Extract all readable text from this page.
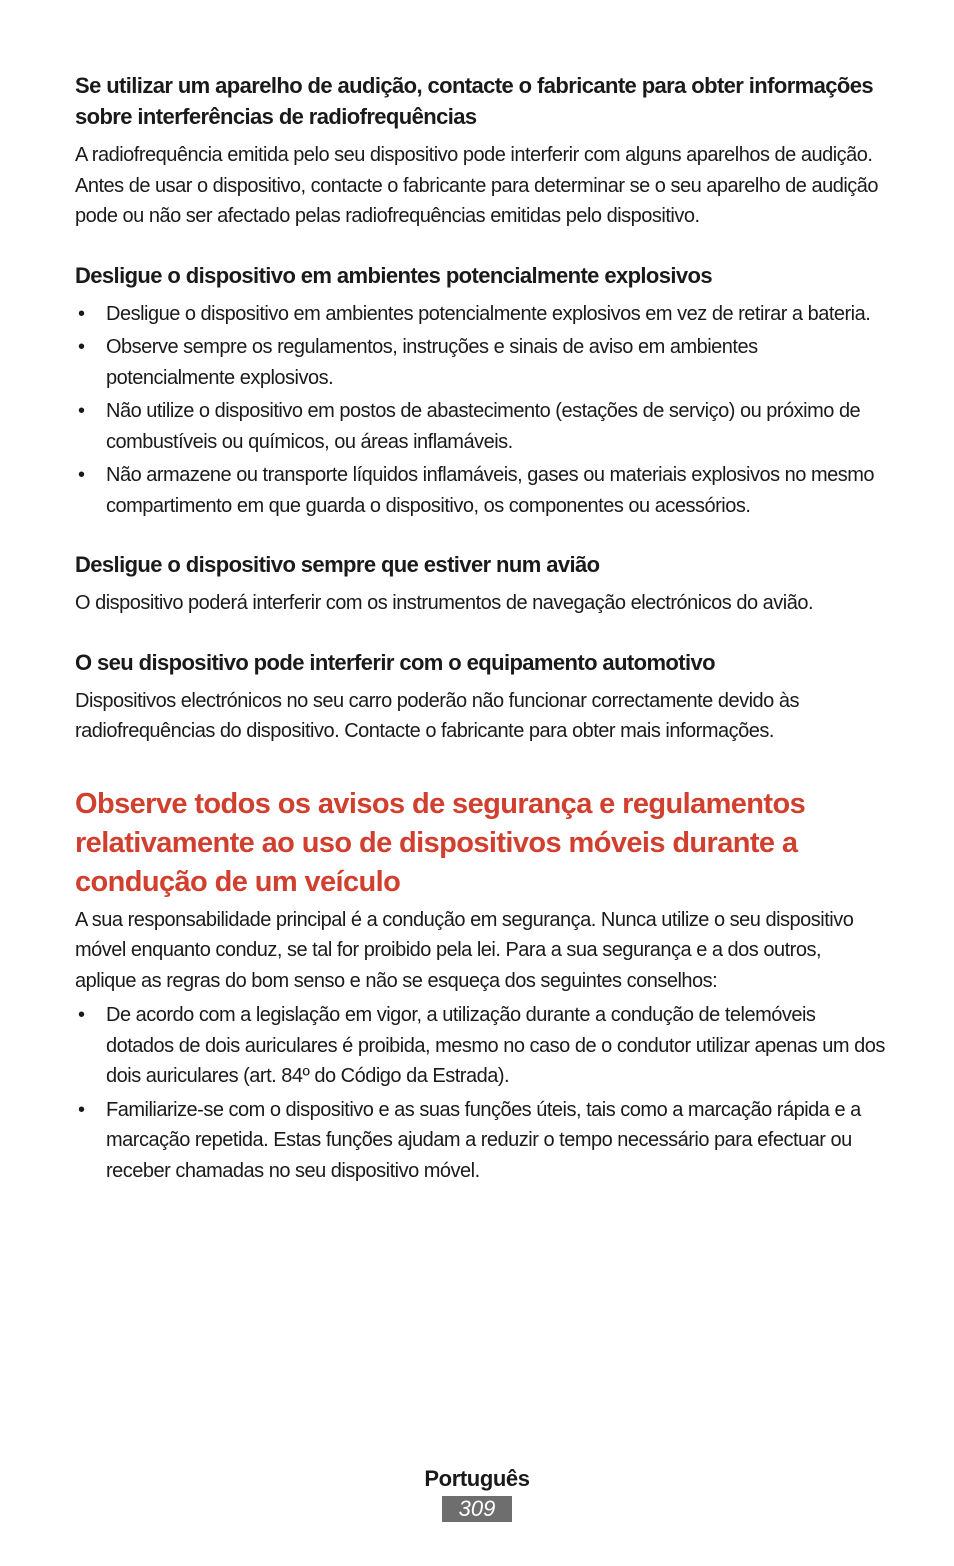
Se utilizar um aparelho de audição, contacte o fabricante para obter informações sobre interferências de radiofrequências

A radiofrequência emitida pelo seu dispositivo pode interferir com alguns aparelhos de audição. Antes de usar o dispositivo, contacte o fabricante para determinar se o seu aparelho de audição pode ou não ser afectado pelas radiofrequências emitidas pelo dispositivo.

Desligue o dispositivo em ambientes potencialmente explosivos
• Desligue o dispositivo em ambientes potencialmente explosivos em vez de retirar a bateria.
• Observe sempre os regulamentos, instruções e sinais de aviso em ambientes potencialmente explosivos.
• Não utilize o dispositivo em postos de abastecimento (estações de serviço) ou próximo de combustíveis ou químicos, ou áreas inflamáveis.
• Não armazene ou transporte líquidos inflamáveis, gases ou materiais explosivos no mesmo compartimento em que guarda o dispositivo, os componentes ou acessórios.
Desligue o dispositivo sempre que estiver num avião

O dispositivo poderá interferir com os instrumentos de navegação electrónicos do avião.

O seu dispositivo pode interferir com o equipamento automotivo

Dispositivos electrónicos no seu carro poderão não funcionar correctamente devido às radiofrequências do dispositivo. Contacte o fabricante para obter mais informações.

Observe todos os avisos de segurança e regulamentos relativamente ao uso de dispositivos móveis durante a condução de um veículo

A sua responsabilidade principal é a condução em segurança. Nunca utilize o seu dispositivo móvel enquanto conduz, se tal for proibido pela lei. Para a sua segurança e a dos outros, aplique as regras do bom senso e não se esqueça dos seguintes conselhos:

• De acordo com a legislação em vigor, a utilização durante a condução de telemóveis dotados de dois auriculares é proibida, mesmo no caso de o condutor utilizar apenas um dos dois auriculares (art. 84º do Código da Estrada).
• Familiarize-se com o dispositivo e as suas funções úteis, tais como a marcação rápida e a marcação repetida. Estas funções ajudam a reduzir o tempo necessário para efectuar ou receber chamadas no seu dispositivo móvel.
Português
309
